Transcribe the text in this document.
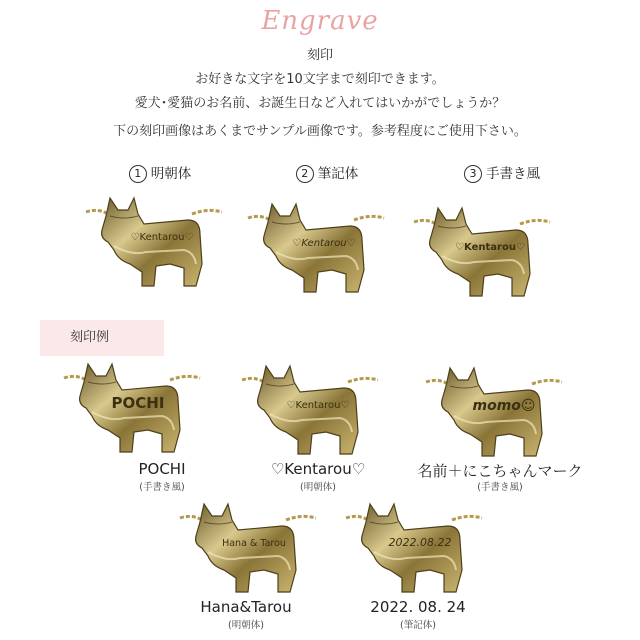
Engrave
刻印
お好きな文字を10文字まで刻印できます。
愛犬･愛猫のお名前、お誕生日など入れてはいかがでしょうか？
下の刻印画像はあくまでサンプル画像です。参考程度にご使用下さい。
1 明朝体	2 筆記体	3 手書き風
♡Kentarou♡
♡Kentarou♡	♡Kentarou♡
刻印例
POCHI
POCHI
(手書き風)
♡Kentarou♡
♡Kentarou♡
(明朝体)
momo☺
名前＋にこちゃんマーク
(手書き風)
Hana & Tarou
Hana&Tarou
(明朝体)
2022.08.22
2022. 08. 24
(筆記体)
